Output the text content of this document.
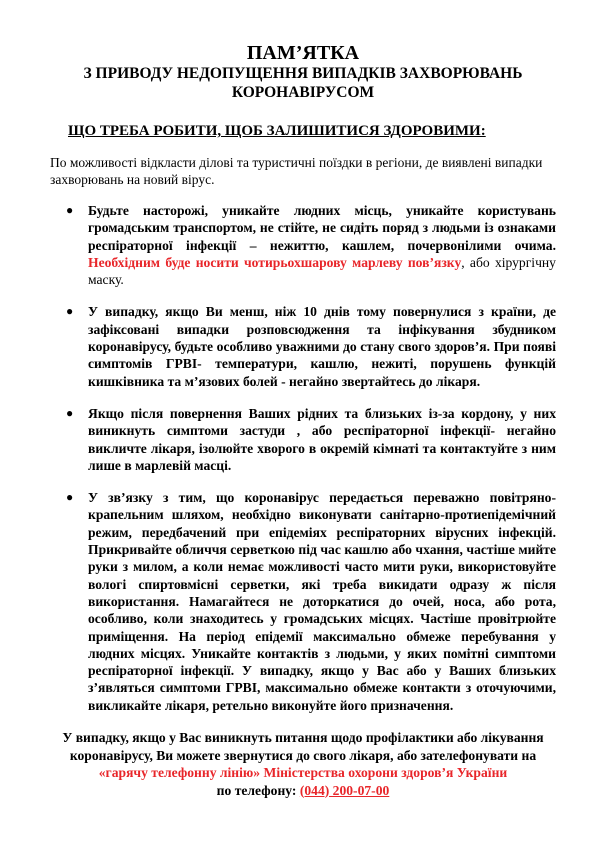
ПАМ’ЯТКА
З ПРИВОДУ НЕДОПУЩЕННЯ ВИПАДКІВ ЗАХВОРЮВАНЬ
КОРОНАВІРУСОМ
ЩО ТРЕБА РОБИТИ, ЩОБ ЗАЛИШИТИСЯ ЗДОРОВИМИ:

По можливості відкласти ділові та туристичні поїздки в регіони, де виявлені випадки захворювань на новий вірус.

● Будьте насторожі, уникайте людних місць, уникайте користувань громадським транспортом, не стійте, не сидіть поряд з людьми із ознаками респіраторної інфекції – нежиттю, кашлем, почервонілими очима. Необхідним буде носити чотирьохшарову марлеву пов’язку, або хірургічну маску.
● У випадку, якщо Ви менш, ніж 10 днів тому повернулися з країни, де зафіксовані випадки розповсюдження та інфікування збудником коронавірусу, будьте особливо уважними до стану свого здоров’я. При появі симптомів ГРВІ- температури, кашлю, нежиті, порушень функцій кишківника та м’язових болей - негайно звертайтесь до лікаря.
● Якщо після повернення Ваших рідних та близьких із-за кордону, у них виникнуть симптоми застуди , або респіраторної інфекції- негайно викличте лікаря, ізолюйте хворого в окремій кімнаті та контактуйте з ним лише в марлевій масці.
● У зв’язку з тим, що коронавірус передається переважно повітряно-крапельним шляхом, необхідно виконувати санітарно-протиепідемічний режим, передбачений при епідеміях респіраторних вірусних інфекцій. Прикривайте обличчя серветкою під час кашлю або чхання, частіше мийте руки з милом, а коли немає можливості часто мити руки, використовуйте вологі спиртовмісні серветки, які треба викидати одразу ж після використання. Намагайтеся не доторкатися до очей, носа, або рота, особливо, коли знаходитесь у громадських місцях. Частіше провітрюйте приміщення. На період епідемії максимально обмеже перебування у людних місцях. Уникайте контактів з людьми, у яких помітні симптоми респіраторної інфекції. У випадку, якщо у Вас або у Ваших близьких з’являться симптоми ГРВІ, максимально обмеже контакти з оточуючими, викликайте лікаря, ретельно виконуйте його призначення.
У випадку, якщо у Вас виникнуть питання щодо профілактики або лікування
коронавірусу, Ви можете звернутися до свого лікаря, або зателефонувати на
«гарячу телефонну лінію» Міністерства охорони здоров’я України
по телефону: (044) 200-07-00
